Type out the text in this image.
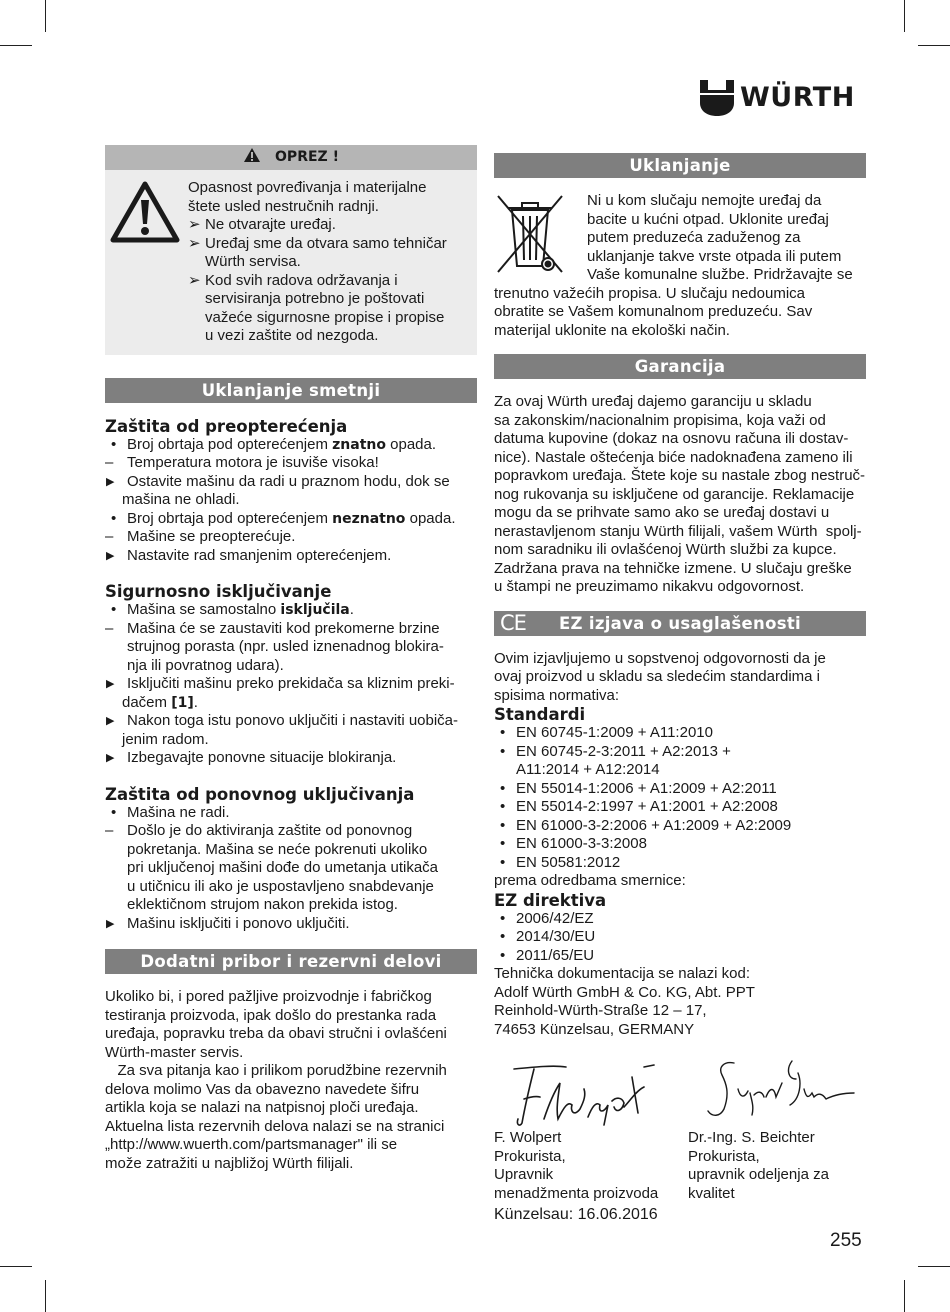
WÜRTH
OPREZ !
Opasnost povređivanja i materijalne
štete usled nestručnih radnji.
➢ Ne otvarajte uređaj.
➢ Uređaj sme da otvara samo tehničar
Würth servisa.
➢ Kod svih radova održavanja i
servisiranja potrebno je poštovati
važeće sigurnosne propise i propise
u vezi zaštite od nezgoda.
Uklanjanje smetnji
Zaštita od preopterećenja
• Broj obrtaja pod opterećenjem znatno opada.
– Temperatura motora je isuviše visoka!
▶ Ostavite mašinu da radi u praznom hodu, dok se
mašina ne ohladi.
• Broj obrtaja pod opterećenjem neznatno opada.
– Mašine se preopterećuje.
▶ Nastavite rad smanjenim opterećenjem.
Sigurnosno isključivanje
• Mašina se samostalno isključila.
– Mašina će se zaustaviti kod prekomerne brzine
strujnog porasta (npr. usled iznenadnog blokira-
nja ili povratnog udara).
▶ Isključiti mašinu preko prekidača sa kliznim preki-
dačem [1].
▶ Nakon toga istu ponovo uključiti i nastaviti uobiča-
jenim radom.
▶ Izbegavajte ponovne situacije blokiranja.
Zaštita od ponovnog uključivanja
• Mašina ne radi.
– Došlo je do aktiviranja zaštite od ponovnog
pokretanja. Mašina se neće pokrenuti ukoliko
pri uključenoj mašini dođe do umetanja utikača
u utičnicu ili ako je uspostavljeno snabdevanje
eklektičnom strujom nakon prekida istog.
▶ Mašinu isključiti i ponovo uključiti.
Dodatni pribor i rezervni delovi
Ukoliko bi, i pored pažljive proizvodnje i fabričkog
testiranja proizvoda, ipak došlo do prestanka rada
uređaja, popravku treba da obavi stručni i ovlašćeni
Würth-master servis.
Za sva pitanja kao i prilikom porudžbine rezervnih
delova molimo Vas da obavezno navedete šifru
artikla koja se nalazi na natpisnoj ploči uređaja.
Aktuelna lista rezervnih delova nalazi se na stranici
„http://www.wuerth.com/partsmanager" ili se
može zatražiti u najbližoj Würth filijali.
Uklanjanje
Ni u kom slučaju nemojte uređaj da
bacite u kućni otpad. Uklonite uređaj
putem preduzeća zaduženog za
uklanjanje takve vrste otpada ili putem
Vaše komunalne službe. Pridržavajte se
trenutno važećih propisa. U slučaju nedoumica
obratite se Vašem komunalnom preduzeću. Sav
materijal uklonite na ekološki način.
Garancija
Za ovaj Würth uređaj dajemo garanciju u skladu
sa zakonskim/nacionalnim propisima, koja važi od
datuma kupovine (dokaz na osnovu računa ili dostav-
nice). Nastale oštećenja biće nadoknađena zameno ili
popravkom uređaja. Štete koje su nastale zbog nestruč-
nog rukovanja su isključene od garancije. Reklamacije
mogu da se prihvate samo ako se uređaj dostavi u
nerastavljenom stanju Würth filijali, vašem Würth  spolj-
nom saradniku ili ovlašćenoj Würth službi za kupce.
Zadržana prava na tehničke izmene. U slučaju greške
u štampi ne preuzimamo nikakvu odgovornost.
CE EZ izjava o usaglašenosti
Ovim izjavljujemo u sopstvenoj odgovornosti da je
ovaj proizvod u skladu sa sledećim standardima i
spisima normativa:
Standardi
• EN 60745-1:2009 + A11:2010
• EN 60745-2-3:2011 + A2:2013 +
A11:2014 + A12:2014
• EN 55014-1:2006 + A1:2009 + A2:2011
• EN 55014-2:1997 + A1:2001 + A2:2008
• EN 61000-3-2:2006 + A1:2009 + A2:2009
• EN 61000-3-3:2008
• EN 50581:2012
prema odredbama smernice:
EZ direktiva
• 2006/42/EZ
• 2014/30/EU
• 2011/65/EU
Tehnička dokumentacija se nalazi kod:
Adolf Würth GmbH & Co. KG, Abt. PPT
Reinhold-Würth-Straße 12 – 17,
74653 Künzelsau, GERMANY
F. Wolpert
Prokurista,
Upravnik
menadžmenta proizvoda
Dr.-Ing. S. Beichter
Prokurista,
upravnik odeljenja za
kvalitet
Künzelsau: 16.06.2016
255
